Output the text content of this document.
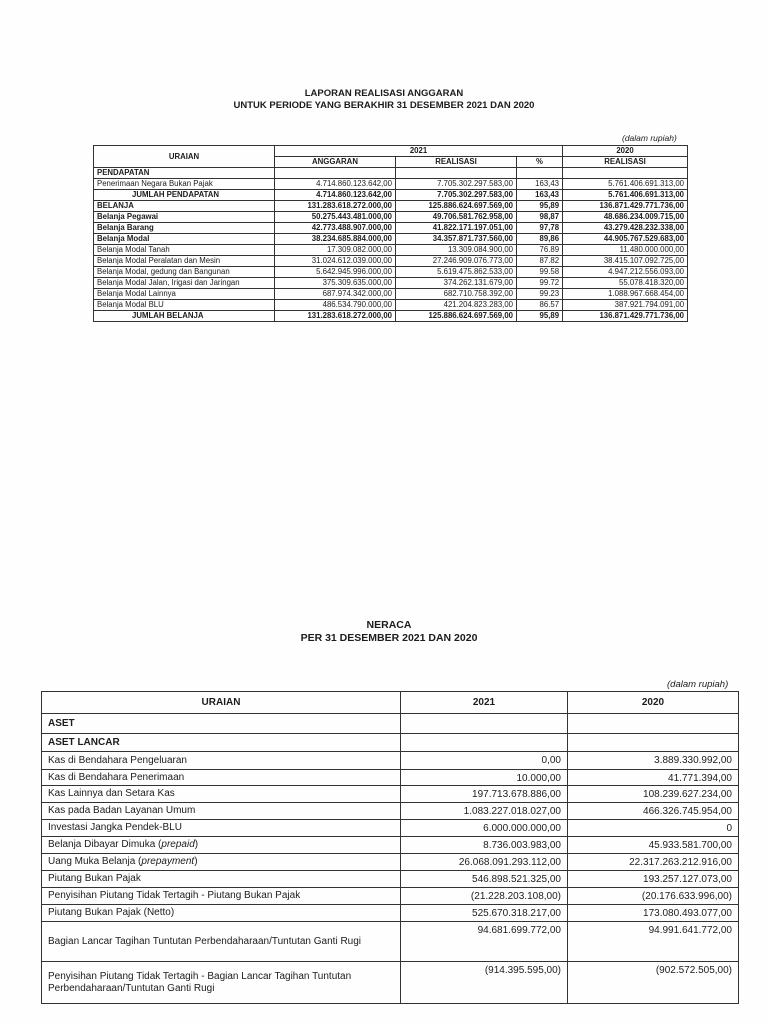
LAPORAN REALISASI ANGGARAN
UNTUK PERIODE YANG BERAKHIR 31 DESEMBER 2021 DAN 2020
(dalam rupiah)
URAIAN	2021			2020
	ANGGARAN	REALISASI	%	REALISASI
PENDAPATAN				
Penerimaan Negara Bukan Pajak	4.714.860.123.642,00	7.705.302.297.583,00	163,43	5.761.406.691.313,00
JUMLAH PENDAPATAN	4.714.860.123.642,00	7.705.302.297.583,00	163,43	5.761.406.691.313,00
BELANJA	131.283.618.272.000,00	125.886.624.697.569,00	95,89	136.871.429.771.736,00
Belanja Pegawai	50.275.443.481.000,00	49.706.581.762.958,00	98,87	48.686.234.009.715,00
Belanja Barang	42.773.488.907.000,00	41.822.171.197.051,00	97,78	43.279.428.232.338,00
Belanja Modal	38.234.685.884.000,00	34.357.871.737.560,00	89,86	44.905.767.529.683,00
Belanja Modal Tanah	17.309.082.000,00	13.309.084.900,00	76.89	11.480.000.000,00
Belanja Modal Peralatan dan Mesin	31.024.612.039.000,00	27.246.909.076.773,00	87.82	38.415.107.092.725,00
Belanja Modal, gedung dan Bangunan	5.642.945.996.000,00	5.619.475.862.533,00	99.58	4.947.212.556.093,00
Belanja Modal Jalan, Irigasi dan Jaringan	375.309.635.000,00	374.262.131.679,00	99.72	55.078.418.320,00
Belanja Modal Lainnya	687.974.342.000,00	682.710.758.392,00	99.23	1.088.967.668.454,00
Belanja Modal BLU	486.534.790.000,00	421.204.823.283,00	86.57	387.921.794.091,00
JUMLAH BELANJA	131.283.618.272.000,00	125.886.624.697.569,00	95,89	136.871.429.771.736,00
NERACA
PER 31 DESEMBER 2021 DAN 2020
(dalam rupiah)
URAIAN	2021	2020
ASET		
ASET LANCAR		
Kas di Bendahara Pengeluaran	0,00	3.889.330.992,00
Kas di Bendahara Penerimaan	10.000,00	41.771.394,00
Kas Lainnya dan Setara Kas	197.713.678.886,00	108.239.627.234,00
Kas pada Badan Layanan Umum	1.083.227.018.027,00	466.326.745.954,00
Investasi Jangka Pendek-BLU	6.000.000.000,00	0
Belanja Dibayar Dimuka (prepaid)	8.736.003.983,00	45.933.581.700,00
Uang Muka Belanja (prepayment)	26.068.091.293.112,00	22.317.263.212.916,00
Piutang Bukan Pajak	546.898.521.325,00	193.257.127.073,00
Penyisihan Piutang Tidak Tertagih - Piutang Bukan Pajak	(21.228.203.108,00)	(20.176.633.996,00)
Piutang Bukan Pajak (Netto)	525.670.318.217,00	173.080.493.077,00
Bagian Lancar Tagihan Tuntutan Perbendaharaan/Tuntutan Ganti Rugi	94.681.699.772,00	94.991.641.772,00
Penyisihan Piutang Tidak Tertagih - Bagian Lancar Tagihan Tuntutan Perbendaharaan/Tuntutan Ganti Rugi	(914.395.595,00)	(902.572.505,00)
